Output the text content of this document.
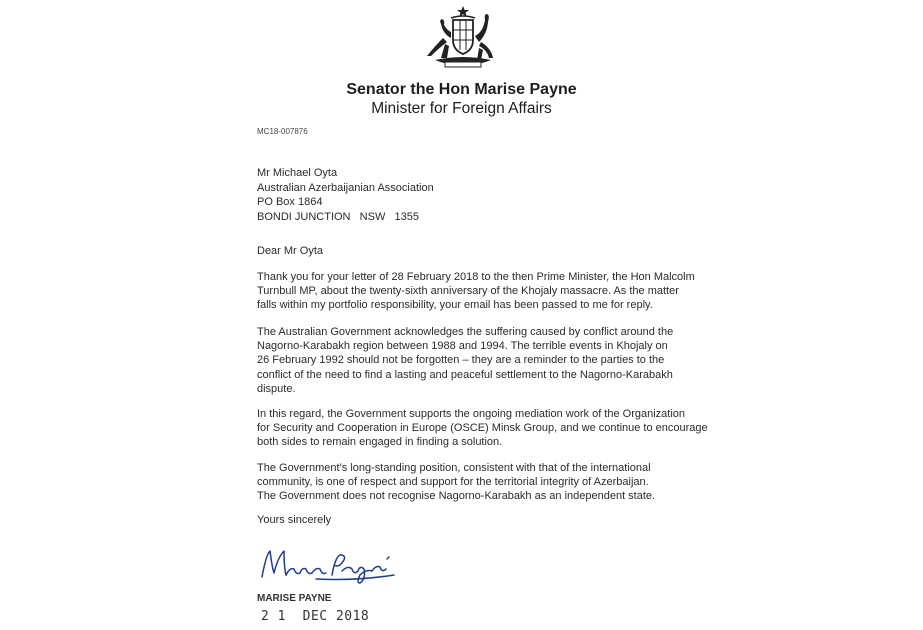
Senator the Hon Marise Payne
Minister for Foreign Affairs
MC18-007876
Mr Michael Oyta
Australian Azerbaijanian Association
PO Box 1864
BONDI JUNCTION   NSW   1355
Dear Mr Oyta
Thank you for your letter of 28 February 2018 to the then Prime Minister, the Hon Malcolm
Turnbull MP, about the twenty-sixth anniversary of the Khojaly massacre. As the matter
falls within my portfolio responsibility, your email has been passed to me for reply.
The Australian Government acknowledges the suffering caused by conflict around the
Nagorno-Karabakh region between 1988 and 1994. The terrible events in Khojaly on
26 February 1992 should not be forgotten – they are a reminder to the parties to the
conflict of the need to find a lasting and peaceful settlement to the Nagorno-Karabakh
dispute.
In this regard, the Government supports the ongoing mediation work of the Organization
for Security and Cooperation in Europe (OSCE) Minsk Group, and we continue to encourage
both sides to remain engaged in finding a solution.
The Government’s long-standing position, consistent with that of the international
community, is one of respect and support for the territorial integrity of Azerbaijan.
The Government does not recognise Nagorno-Karabakh as an independent state.
Yours sincerely
MARISE PAYNE
2 1  DEC 2018
